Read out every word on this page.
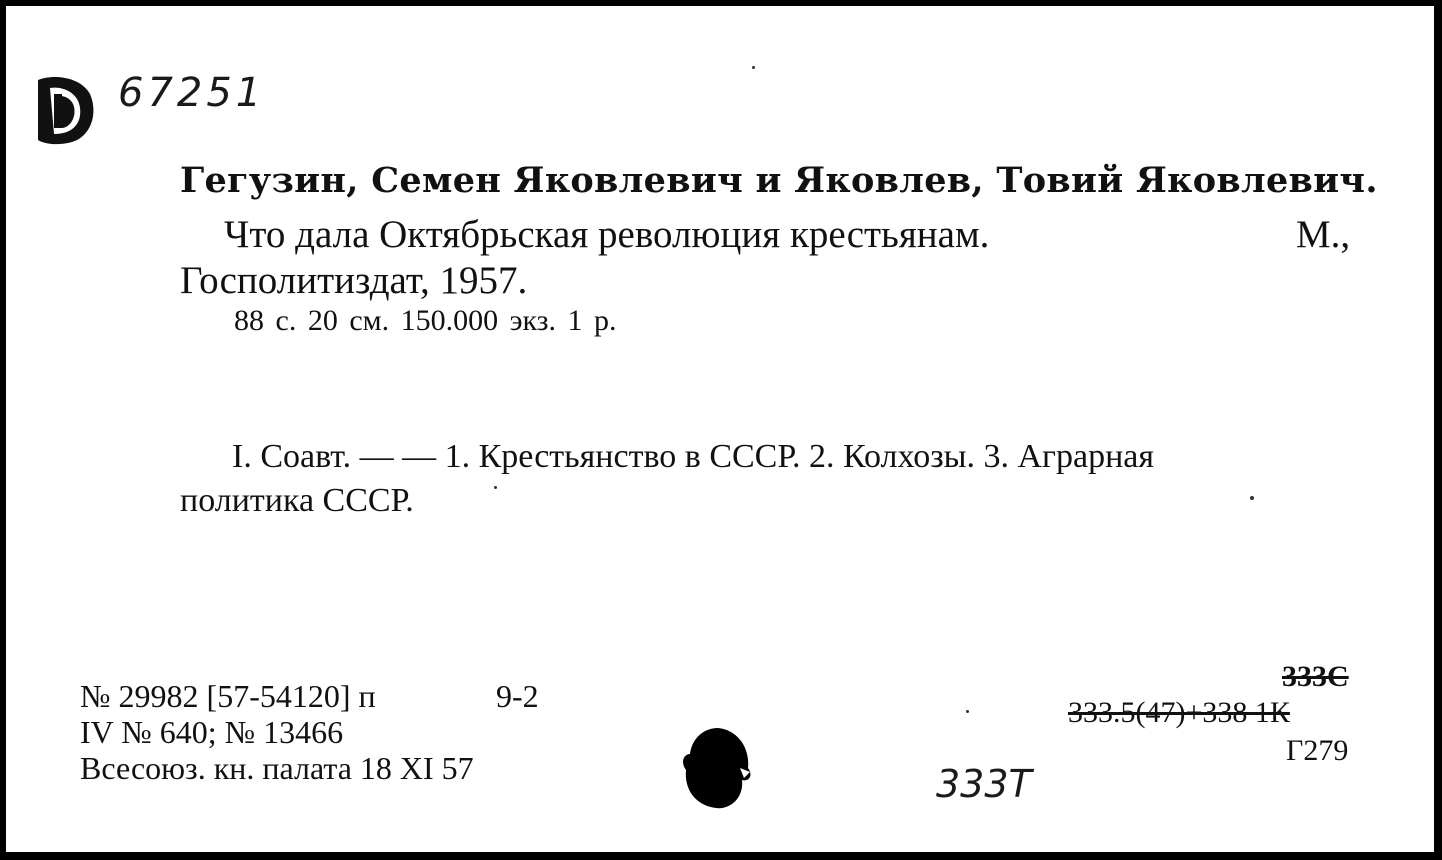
67251
Гегузин, Семен Яковлевич и Яковлев, Товий Яковлевич.
Что дала Октябрьская революция крестьянам.	М.,
Госполитиздат, 1957.
88 с. 20 см. 150.000 экз. 1 р.
I. Соавт. — — 1. Крестьянство в СССР. 2. Колхозы. 3. Аграрная
политика СССР.
№ 29982 [57-54120] п	9-2
IV № 640; № 13466
Всесоюз. кн. палата 18 XI 57	333Т
333С
333.5(47)+338 1К
Г279
